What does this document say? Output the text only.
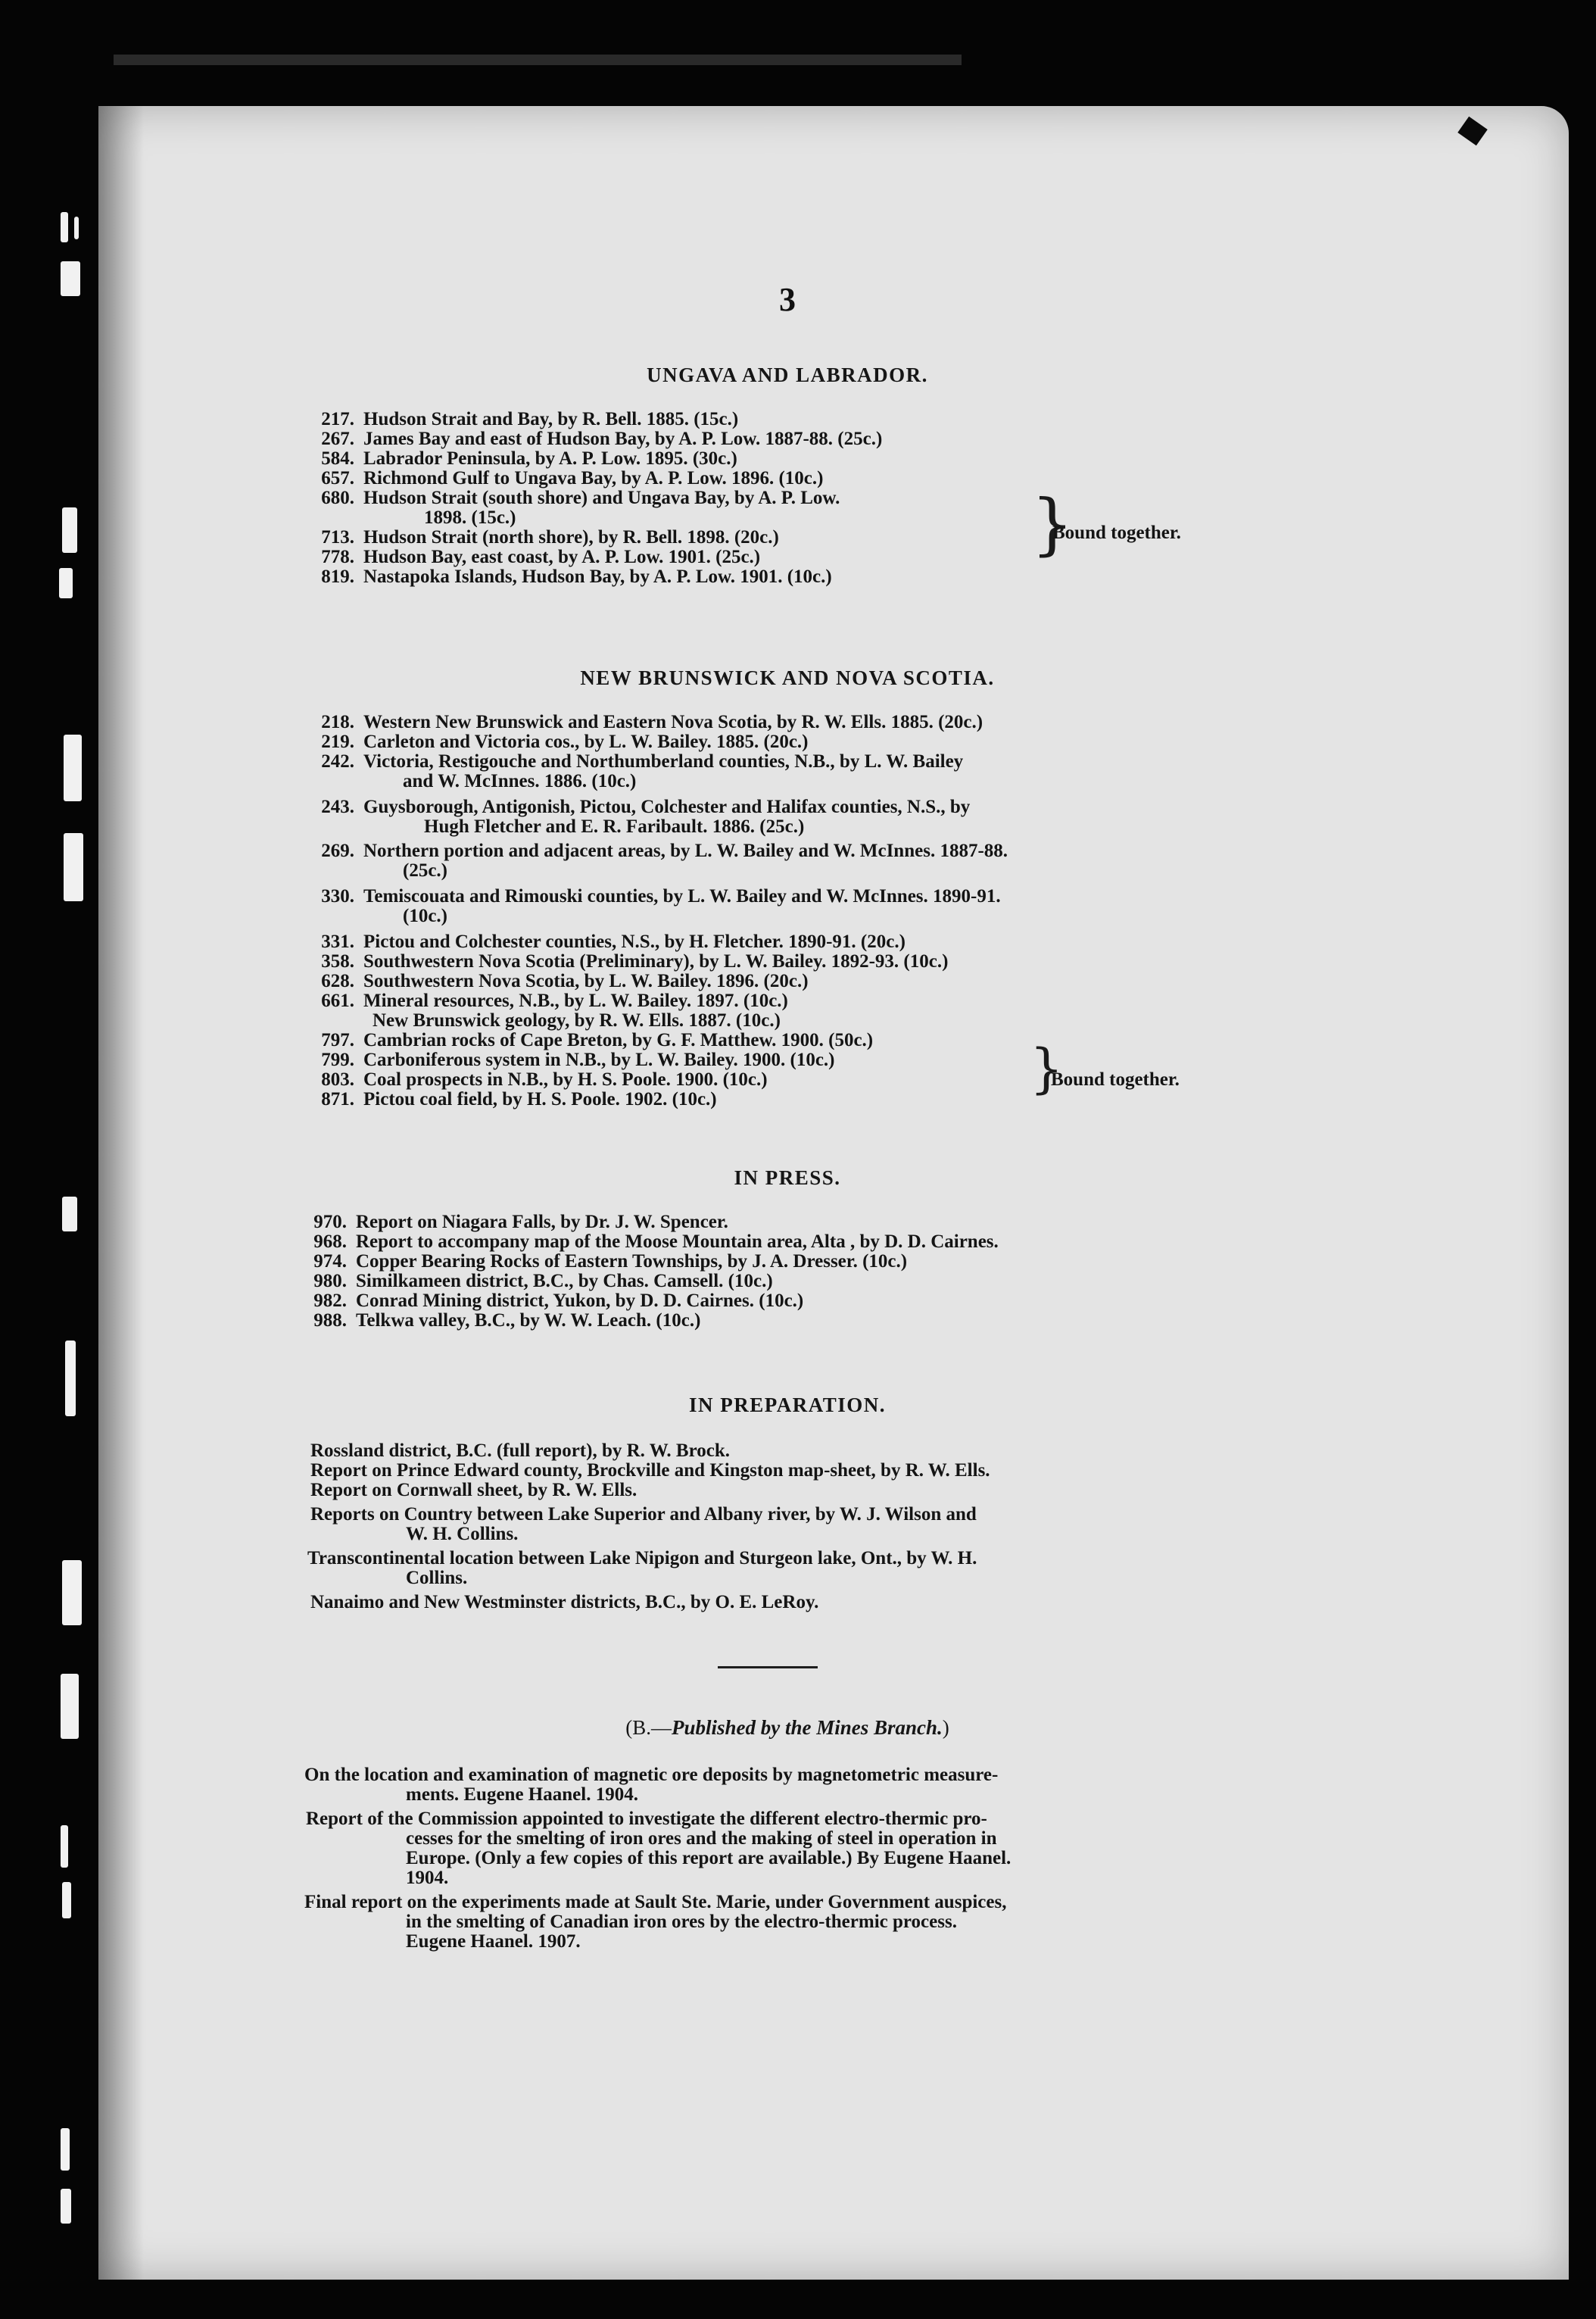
3
UNGAVA AND LABRADOR.
217. Hudson Strait and Bay, by R. Bell. 1885. (15c.)
267. James Bay and east of Hudson Bay, by A. P. Low. 1887-88. (25c.)
584. Labrador Peninsula, by A. P. Low. 1895. (30c.)
657. Richmond Gulf to Ungava Bay, by A. P. Low. 1896. (10c.)
680. Hudson Strait (south shore) and Ungava Bay, by A. P. Low.
1898. (15c.)
713. Hudson Strait (north shore), by R. Bell. 1898. (20c.)
778. Hudson Bay, east coast, by A. P. Low. 1901. (25c.)
819. Nastapoka Islands, Hudson Bay, by A. P. Low. 1901. (10c.)
}
Bound together.
NEW BRUNSWICK AND NOVA SCOTIA.
218. Western New Brunswick and Eastern Nova Scotia, by R. W. Ells. 1885. (20c.)
219. Carleton and Victoria cos., by L. W. Bailey. 1885. (20c.)
242. Victoria, Restigouche and Northumberland counties, N.B., by L. W. Bailey
and W. McInnes. 1886. (10c.)
243. Guysborough, Antigonish, Pictou, Colchester and Halifax counties, N.S., by
Hugh Fletcher and E. R. Faribault. 1886. (25c.)
269. Northern portion and adjacent areas, by L. W. Bailey and W. McInnes. 1887-88.
(25c.)
330. Temiscouata and Rimouski counties, by L. W. Bailey and W. McInnes. 1890-91.
(10c.)
331. Pictou and Colchester counties, N.S., by H. Fletcher. 1890-91. (20c.)
358. Southwestern Nova Scotia (Preliminary), by L. W. Bailey. 1892-93. (10c.)
628. Southwestern Nova Scotia, by L. W. Bailey. 1896. (20c.)
661. Mineral resources, N.B., by L. W. Bailey. 1897. (10c.)
New Brunswick geology, by R. W. Ells. 1887. (10c.)
797. Cambrian rocks of Cape Breton, by G. F. Matthew. 1900. (50c.)
799. Carboniferous system in N.B., by L. W. Bailey. 1900. (10c.)
803. Coal prospects in N.B., by H. S. Poole. 1900. (10c.)
871. Pictou coal field, by H. S. Poole. 1902. (10c.)	}
Bound together.
IN PRESS.
970. Report on Niagara Falls, by Dr. J. W. Spencer.
968. Report to accompany map of the Moose Mountain area, Alta , by D. D. Cairnes.
974. Copper Bearing Rocks of Eastern Townships, by J. A. Dresser. (10c.)
980. Similkameen district, B.C., by Chas. Camsell. (10c.)
982. Conrad Mining district, Yukon, by D. D. Cairnes. (10c.)
988. Telkwa valley, B.C., by W. W. Leach. (10c.)
IN PREPARATION.
Rossland district, B.C. (full report), by R. W. Brock.
Report on Prince Edward county, Brockville and Kingston map-sheet, by R. W. Ells.
Report on Cornwall sheet, by R. W. Ells.
Reports on Country between Lake Superior and Albany river, by W. J. Wilson and
W. H. Collins.
Transcontinental location between Lake Nipigon and Sturgeon lake, Ont., by W. H.
Collins.
Nanaimo and New Westminster districts, B.C., by O. E. LeRoy.
(B.—Published by the Mines Branch.)
On the location and examination of magnetic ore deposits by magnetometric measure-
ments. Eugene Haanel. 1904.
Report of the Commission appointed to investigate the different electro-thermic pro-
cesses for the smelting of iron ores and the making of steel in operation in
Europe. (Only a few copies of this report are available.) By Eugene Haanel.
1904.
Final report on the experiments made at Sault Ste. Marie, under Government auspices,
in the smelting of Canadian iron ores by the electro-thermic process.
Eugene Haanel. 1907.
